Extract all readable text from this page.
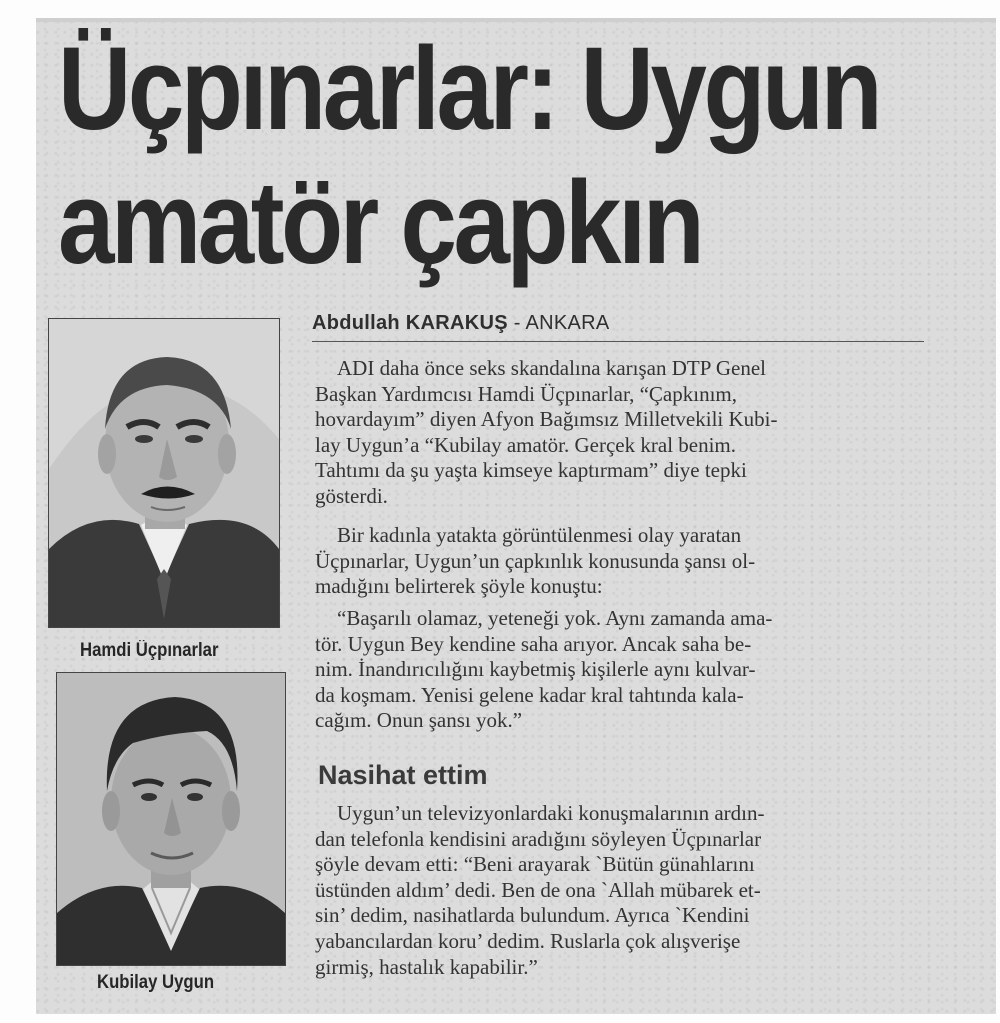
Üçpınarlar: Uygun
amatör çapkın
Abdullah KARAKUŞ - ANKARA
Hamdi Üçpınarlar
Kubilay Uygun

ADI daha önce seks skandalına karışan DTP Genel
Başkan Yardımcısı Hamdi Üçpınarlar, “Çapkınım,
hovardayım” diyen Afyon Bağımsız Milletvekili Kubi-
lay Uygun’a “Kubilay amatör. Gerçek kral benim.
Tahtımı da şu yaşta kimseye kaptırmam” diye tepki
gösterdi.

Bir kadınla yatakta görüntülenmesi olay yaratan
Üçpınarlar, Uygun’un çapkınlık konusunda şansı ol-
madığını belirterek şöyle konuştu:

“Başarılı olamaz, yeteneği yok. Aynı zamanda ama-
tör. Uygun Bey kendine saha arıyor. Ancak saha be-
nim. İnandırıcılığını kaybetmiş kişilerle aynı kulvar-
da koşmam. Yenisi gelene kadar kral tahtında kala-
cağım. Onun şansı yok.”

Nasihat ettim

Uygun’un televizyonlardaki konuşmalarının ardın-
dan telefonla kendisini aradığını söyleyen Üçpınarlar
şöyle devam etti: “Beni arayarak `Bütün günahlarını
üstünden aldım’ dedi. Ben de ona `Allah mübarek et-
sin’ dedim, nasihatlarda bulundum. Ayrıca `Kendini
yabancılardan koru’ dedim. Ruslarla çok alışverişe
girmiş, hastalık kapabilir.”
